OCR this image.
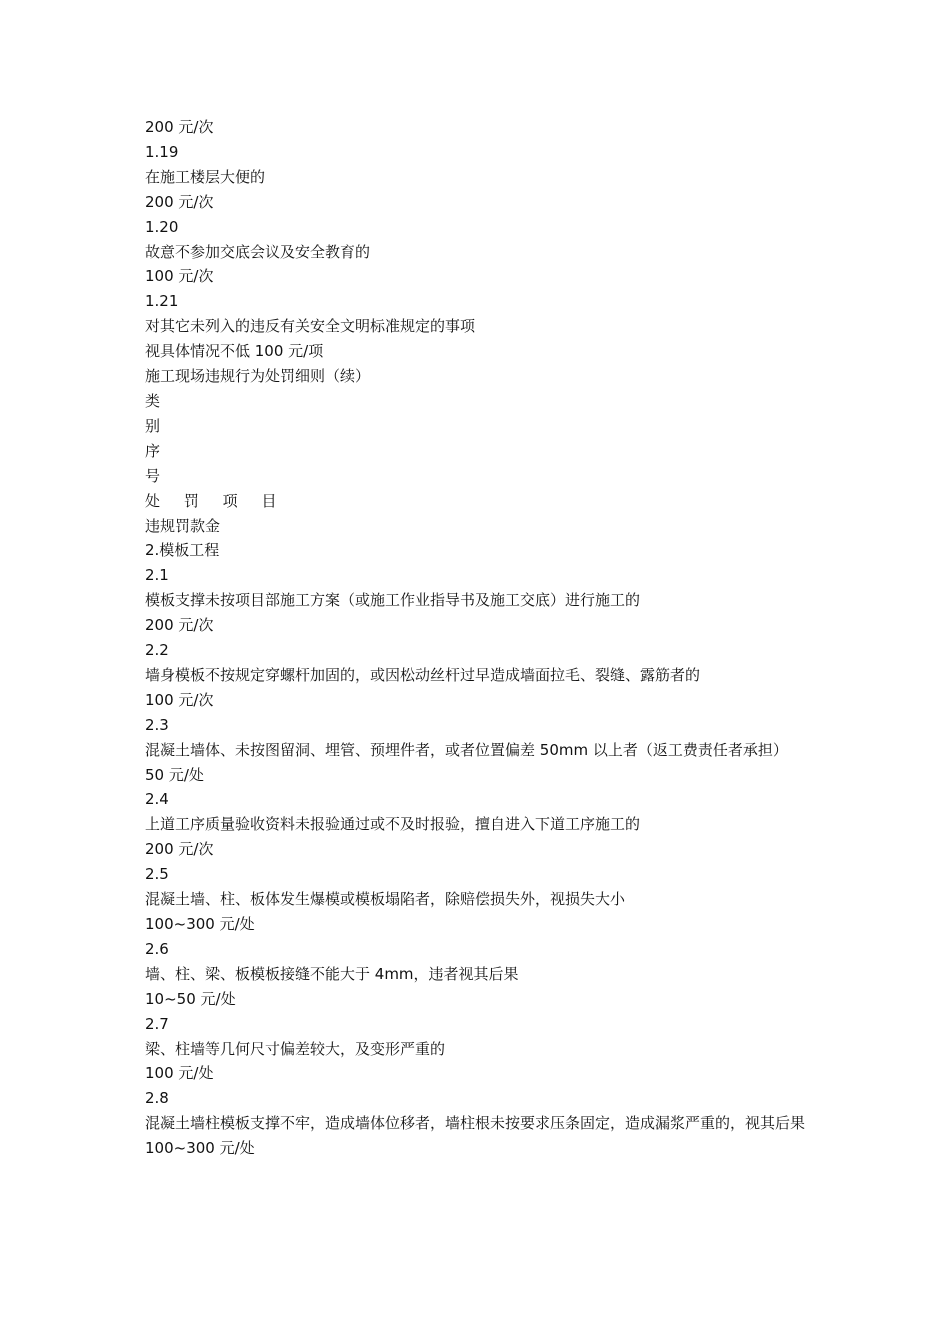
200 元/次

1.19

在施工楼层大便的

200 元/次

1.20

故意不参加交底会议及安全教育的

100 元/次

1.21

对其它未列入的违反有关安全文明标准规定的事项

视具体情况不低 100 元/项

施工现场违规行为处罚细则（续）

类

别

序

号

处     罚     项     目

违规罚款金

2.模板工程

2.1

模板支撑未按项目部施工方案（或施工作业指导书及施工交底）进行施工的

200 元/次

2.2

墙身模板不按规定穿螺杆加固的，或因松动丝杆过早造成墙面拉毛、裂缝、露筋者的

100 元/次

2.3

混凝土墙体、未按图留洞、埋管、预埋件者，或者位置偏差 50mm 以上者（返工费责任者承担）

50 元/处

2.4

上道工序质量验收资料未报验通过或不及时报验，擅自进入下道工序施工的

200 元/次

2.5

混凝土墙、柱、板体发生爆模或模板塌陷者，除赔偿损失外，视损失大小

100~300 元/处

2.6

墙、柱、梁、板模板接缝不能大于 4mm，违者视其后果

10~50 元/处

2.7

梁、柱墙等几何尺寸偏差较大，及变形严重的

100 元/处

2.8

混凝土墙柱模板支撑不牢，造成墙体位移者，墙柱根未按要求压条固定，造成漏浆严重的，视其后果

100~300 元/处
